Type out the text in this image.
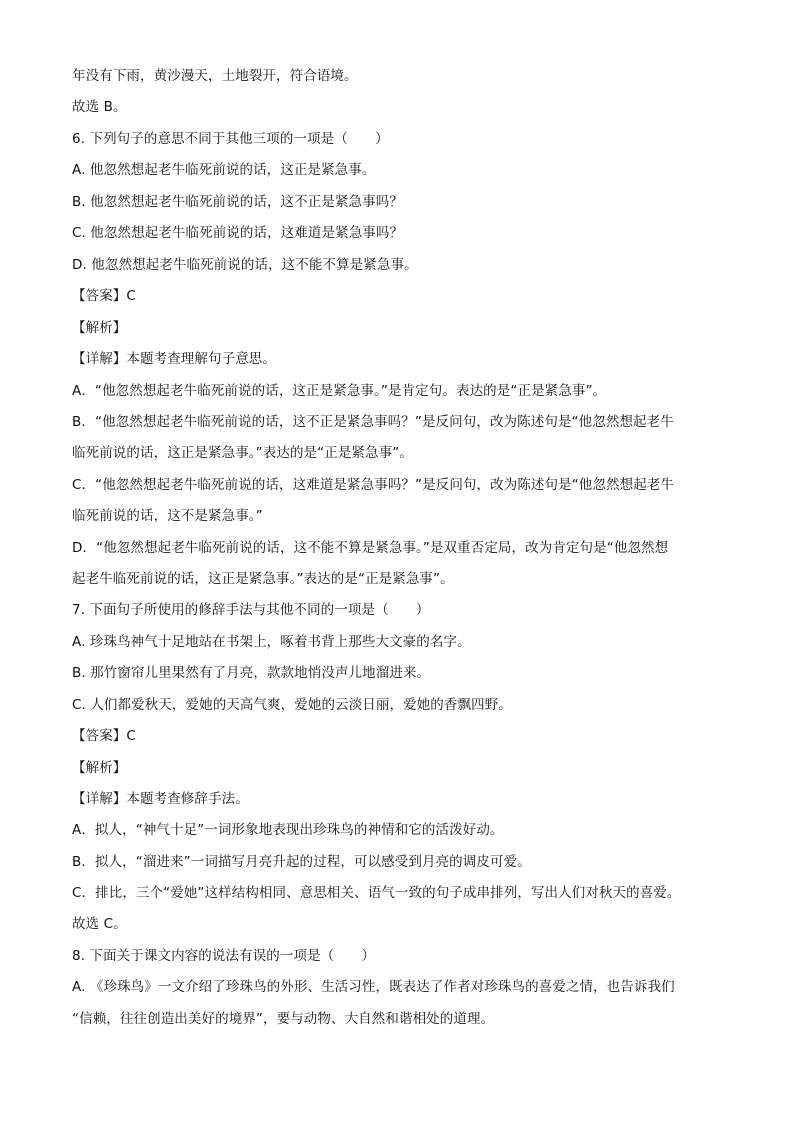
年没有下雨，黄沙漫天，土地裂开，符合语境。
故选 B。
6. 下列句子的意思不同于其他三项的一项是（　　）
A. 他忽然想起老牛临死前说的话，这正是紧急事。
B. 他忽然想起老牛临死前说的话，这不正是紧急事吗？
C. 他忽然想起老牛临死前说的话，这难道是紧急事吗？
D. 他忽然想起老牛临死前说的话，这不能不算是紧急事。
【答案】C
【解析】
【详解】本题考查理解句子意思。
A．“他忽然想起老牛临死前说的话，这正是紧急事。”是肯定句。表达的是“正是紧急事”。
B．“他忽然想起老牛临死前说的话，这不正是紧急事吗？”是反问句，改为陈述句是“他忽然想起老牛
临死前说的话，这正是紧急事。”表达的是“正是紧急事”。
C．“他忽然想起老牛临死前说的话，这难道是紧急事吗？”是反问句，改为陈述句是“他忽然想起老牛
临死前说的话，这不是紧急事。”
D．“他忽然想起老牛临死前说的话，这不能不算是紧急事。”是双重否定局，改为肯定句是“他忽然想
起老牛临死前说的话，这正是紧急事。”表达的是“正是紧急事”。
7. 下面句子所使用的修辞手法与其他不同的一项是（　　）
A. 珍珠鸟神气十足地站在书架上，啄着书背上那些大文豪的名字。
B. 那竹窗帘儿里果然有了月亮，款款地悄没声儿地溜进来。
C. 人们都爱秋天，爱她的天高气爽，爱她的云淡日丽，爱她的香飘四野。
【答案】C
【解析】
【详解】本题考查修辞手法。
A．拟人，“神气十足”一词形象地表现出珍珠鸟的神情和它的活泼好动。
B．拟人，“溜进来”一词描写月亮升起的过程，可以感受到月亮的调皮可爱。
C．排比，三个“爱她”这样结构相同、意思相关、语气一致的句子成串排列，写出人们对秋天的喜爱。
故选 C。
8. 下面关于课文内容的说法有误的一项是（　　）
A. 《珍珠鸟》一文介绍了珍珠鸟的外形、生活习性，既表达了作者对珍珠鸟的喜爱之情，也告诉我们
“信赖，往往创造出美好的境界”，要与动物、大自然和谐相处的道理。
